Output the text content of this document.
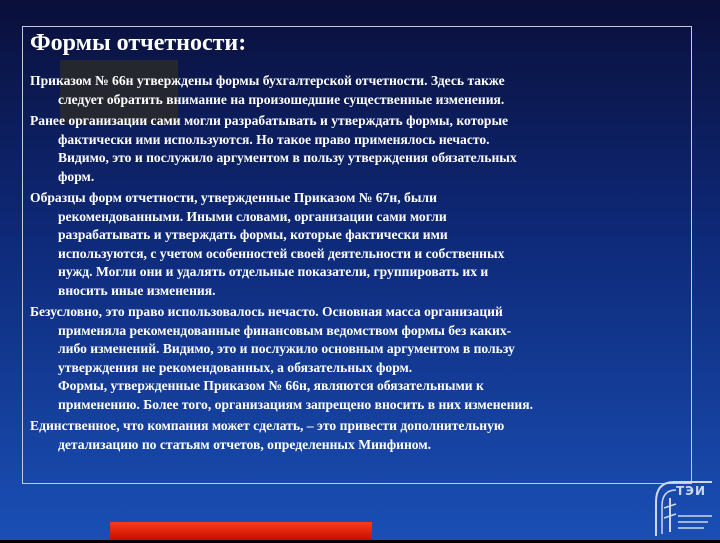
Формы отчетности:

Приказом № 66н утверждены формы бухгалтерской отчетности. Здесь также
следует обратить внимание на произошедшие существенные изменения.

Ранее организации сами могли разрабатывать и утверждать формы, которые
фактически ими используются. Но такое право применялось нечасто.
Видимо, это и послужило аргументом в пользу утверждения обязательных
форм.

Образцы форм отчетности, утвержденные Приказом № 67н, были
рекомендованными. Иными словами, организации сами могли
разрабатывать и утверждать формы, которые фактически ими
используются, с учетом особенностей своей деятельности и собственных
нужд. Могли они и удалять отдельные показатели, группировать их и
вносить иные изменения.

Безусловно, это право использовалось нечасто. Основная масса организаций
применяла рекомендованные финансовым ведомством формы без каких-
либо изменений. Видимо, это и послужило основным аргументом в пользу
утверждения не рекомендованных, а обязательных форм.
Формы, утвержденные Приказом № 66н, являются обязательными к
применению. Более того, организациям запрещено вносить в них изменения.

Единственное, что компания может сделать, – это привести дополнительную
детализацию по статьям отчетов, определенных Минфином.

ТЭИ
